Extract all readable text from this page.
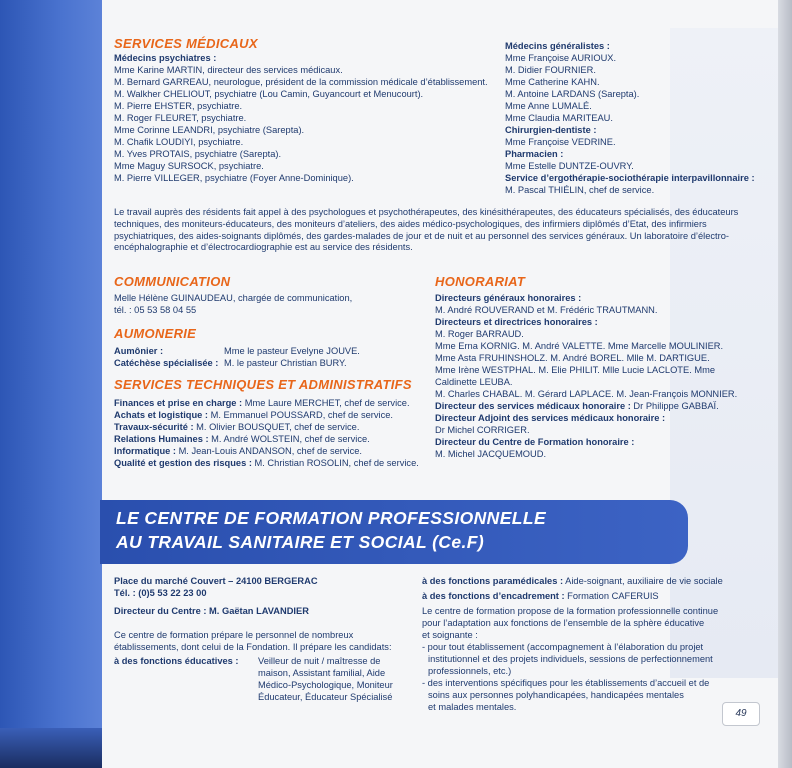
SERVICES MÉDICAUX
Médecins psychiatres :
Mme Karine MARTIN, directeur des services médicaux.
M. Bernard GARREAU, neurologue, président de la commission médicale d’établissement.
M. Walkher CHELIOUT, psychiatre (Lou Camin, Guyancourt et Menucourt).
M. Pierre EHSTER, psychiatre.
M. Roger FLEURET, psychiatre.
Mme Corinne LEANDRI, psychiatre (Sarepta).
M. Chafik LOUDIYI, psychiatre.
M. Yves PROTAIS, psychiatre (Sarepta).
Mme Maguy SURSOCK, psychiatre.
M. Pierre VILLEGER, psychiatre (Foyer Anne-Dominique).
Médecins généralistes :
Mme Françoise AURIOUX.
M. Didier FOURNIER.
Mme Catherine KAHN.
M. Antoine LARDANS (Sarepta).
Mme Anne LUMALÉ.
Mme Claudia MARITEAU.
Chirurgien-dentiste :
Mme Françoise VEDRINE.
Pharmacien :
Mme Estelle DUNTZE-OUVRY.
Service d’ergothérapie-sociothérapie interpavillonnaire :
M. Pascal THIÉLIN, chef de service.
Le travail auprès des résidents fait appel à des psychologues et psychothérapeutes, des kinésithérapeutes, des éducateurs spécialisés, des éducateurs techniques, des moniteurs-éducateurs, des moniteurs d’ateliers, des aides médico-psychologiques, des infirmiers diplômés d’Etat, des infirmiers psychiatriques, des aides-soignants diplômés, des gardes-malades de jour et de nuit et au personnel des services généraux. Un laboratoire d’électro-encéphalographie et d’électrocardiographie est au service des résidents.
COMMUNICATION
Melle Hélène GUINAUDEAU, chargée de communication,
tél. : 05 53 58 04 55
AUMONERIE
Aumônier :	Mme le pasteur Evelyne JOUVE.
Catéchèse spécialisée : M. le pasteur Christian BURY.
SERVICES TECHNIQUES ET ADMINISTRATIFS
Finances et prise en charge : Mme Laure MERCHET, chef de service.
Achats et logistique : M. Emmanuel POUSSARD, chef de service.
Travaux-sécurité : M. Olivier BOUSQUET, chef de service.
Relations Humaines : M. André WOLSTEIN, chef de service.
Informatique : M. Jean-Louis ANDANSON, chef de service.
Qualité et gestion des risques : M. Christian ROSOLIN, chef de service.
HONORARIAT
Directeurs généraux honoraires :
M. André ROUVERAND et M. Frédéric TRAUTMANN.
Directeurs et directrices honoraires :
M. Roger BARRAUD.
Mme Erna KORNIG. M. André VALETTE. Mme Marcelle MOULINIER.
Mme Asta FRUHINSHOLZ. M. André BOREL. Mlle M. DARTIGUE.
Mme Irène WESTPHAL. M. Elie PHILIT. Mlle Lucie LACLOTE. Mme
Caldinette LEUBA.
M. Charles CHABAL. M. Gérard LAPLACE. M. Jean-François MONNIER.
Directeur des services médicaux honoraire : Dr Philippe GABBAÏ.
Directeur Adjoint des services médicaux honoraire :
Dr Michel CORRIGER.
Directeur du Centre de Formation honoraire :
M. Michel JACQUEMOUD.
LE CENTRE DE FORMATION PROFESSIONNELLE
AU TRAVAIL SANITAIRE ET SOCIAL (Ce.F)
Place du marché Couvert – 24100 BERGERAC
Tél. : (0)5 53 22 23 00
Directeur du Centre : M. Gaëtan LAVANDIER
Ce centre de formation prépare le personnel de nombreux
établissements, dont celui de la Fondation. Il prépare les candidats:
à des fonctions éducatives : Veilleur de nuit / maîtresse de
maison, Assistant familial, Aide
Médico-Psychologique, Moniteur
Éducateur, Éducateur Spécialisé
à des fonctions paramédicales : Aide-soignant, auxiliaire de vie sociale
à des fonctions d’encadrement : Formation CAFERUIS
Le centre de formation propose de la formation professionnelle continue
pour l’adaptation aux fonctions de l’ensemble de la sphère éducative
et soignante :
- pour tout établissement (accompagnement à l’élaboration du projet
institutionnel et des projets individuels, sessions de perfectionnement
professionnels, etc.)
- des interventions spécifiques pour les établissements d’accueil et de
soins aux personnes polyhandicapées, handicapées mentales
et malades mentales.
49
